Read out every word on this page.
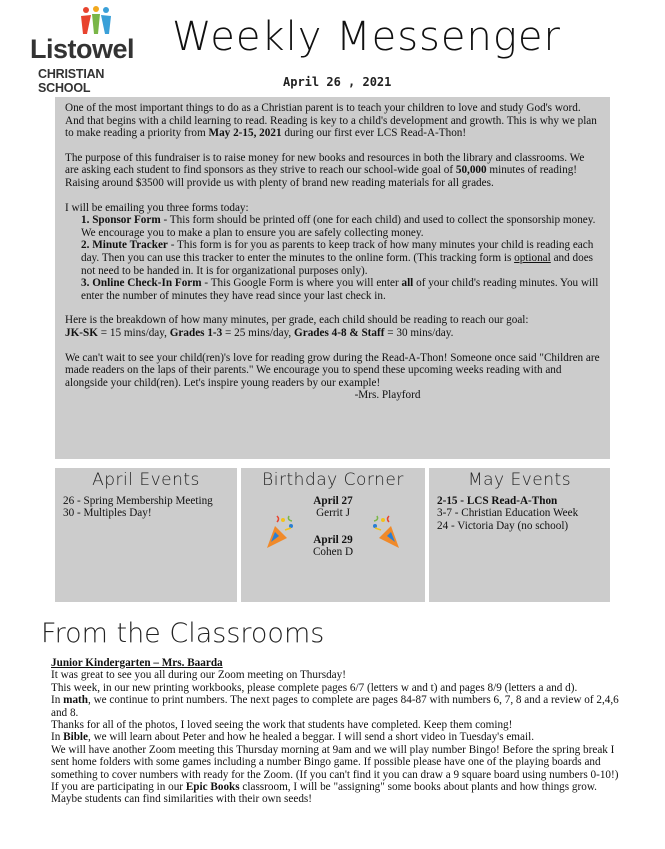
Listowel
CHRISTIAN SCHOOL
Weekly Messenger
April 26 , 2021

One of the most important things to do as a Christian parent is to teach your children to love and study God's word. And that begins with a child learning to read. Reading is key to a child's development and growth. This is why we plan to make reading a priority from May 2-15, 2021 during our first ever LCS Read-A-Thon!

The purpose of this fundraiser is to raise money for new books and resources in both the library and classrooms. We are asking each student to find sponsors as they strive to reach our school-wide goal of 50,000 minutes of reading! Raising around $3500 will provide us with plenty of brand new reading materials for all grades.

I will be emailing you three forms today:
1. Sponsor Form - This form should be printed off (one for each child) and used to collect the sponsorship money. We encourage you to make a plan to ensure you are safely collecting money.
2. Minute Tracker - This form is for you as parents to keep track of how many minutes your child is reading each day. Then you can use this tracker to enter the minutes to the online form. (This tracking form is optional and does not need to be handed in. It is for organizational purposes only).
3. Online Check-In Form - This Google Form is where you will enter all of your child's reading minutes. You will enter the number of minutes they have read since your last check in.

Here is the breakdown of how many minutes, per grade, each child should be reading to reach our goal:
JK-SK = 15 mins/day, Grades 1-3 = 25 mins/day, Grades 4-8 & Staff = 30 mins/day.

We can't wait to see your child(ren)'s love for reading grow during the Read-A-Thon! Someone once said "Children are made readers on the laps of their parents." We encourage you to spend these upcoming weeks reading with and alongside your child(ren). Let's inspire young readers by our example!

-Mrs. Playford

April Events
26 - Spring Membership Meeting
30 - Multiples Day!
Birthday Corner
April 27
Gerrit J
April 29
Cohen D
May Events
2-15 - LCS Read-A-Thon
3-7 - Christian Education Week
24 - Victoria Day (no school)
From the Classrooms
Junior Kindergarten – Mrs. Baarda
It was great to see you all during our Zoom meeting on Thursday!
This week, in our new printing workbooks, please complete pages 6/7 (letters w and t) and pages 8/9 (letters a and d).
In math, we continue to print numbers. The next pages to complete are pages 84-87 with numbers 6, 7, 8 and a review of 2,4,6 and 8.
Thanks for all of the photos, I loved seeing the work that students have completed. Keep them coming!
In Bible, we will learn about Peter and how he healed a beggar. I will send a short video in Tuesday's email.
We will have another Zoom meeting this Thursday morning at 9am and we will play number Bingo! Before the spring break I sent home folders with some games including a number Bingo game. If possible please have one of the playing boards and something to cover numbers with ready for the Zoom. (If you can't find it you can draw a 9 square board using numbers 0-10!)
If you are participating in our Epic Books classroom, I will be "assigning" some books about plants and how things grow. Maybe students can find similarities with their own seeds!
